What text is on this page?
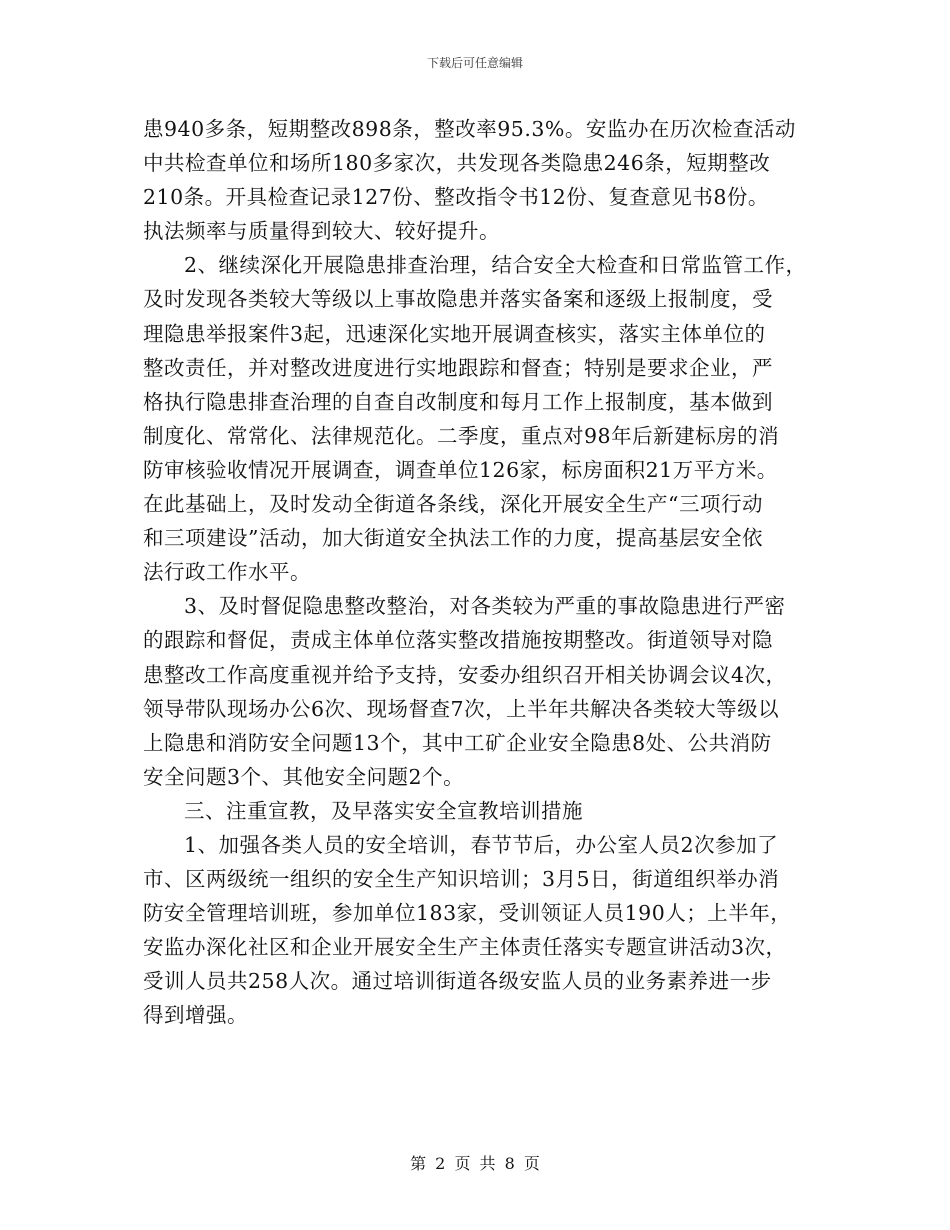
下载后可任意编辑
患940多条，短期整改898条，整改率95.3%。安监办在历次检查活动
中共检查单位和场所180多家次，共发现各类隐患246条，短期整改
210条。开具检查记录127份、整改指令书12份、复查意见书8份。
执法频率与质量得到较大、较好提升。
2、继续深化开展隐患排查治理，结合安全大检查和日常监管工作，
及时发现各类较大等级以上事故隐患并落实备案和逐级上报制度，受
理隐患举报案件3起，迅速深化实地开展调查核实，落实主体单位的
整改责任，并对整改进度进行实地跟踪和督查；特别是要求企业，严
格执行隐患排查治理的自查自改制度和每月工作上报制度，基本做到
制度化、常常化、法律规范化。二季度，重点对98年后新建标房的消
防审核验收情况开展调查，调查单位126家，标房面积21万平方米。
在此基础上，及时发动全街道各条线，深化开展安全生产“三项行动
和三项建设”活动，加大街道安全执法工作的力度，提高基层安全依
法行政工作水平。
3、及时督促隐患整改整治，对各类较为严重的事故隐患进行严密
的跟踪和督促，责成主体单位落实整改措施按期整改。街道领导对隐
患整改工作高度重视并给予支持，安委办组织召开相关协调会议4次，
领导带队现场办公6次、现场督查7次，上半年共解决各类较大等级以
上隐患和消防安全问题13个，其中工矿企业安全隐患8处、公共消防
安全问题3个、其他安全问题2个。
三、注重宣教，及早落实安全宣教培训措施
1、加强各类人员的安全培训，春节节后，办公室人员2次参加了
市、区两级统一组织的安全生产知识培训；3月5日，街道组织举办消
防安全管理培训班，参加单位183家，受训领证人员190人；上半年，
安监办深化社区和企业开展安全生产主体责任落实专题宣讲活动3次，
受训人员共258人次。通过培训街道各级安监人员的业务素养进一步
得到增强。
第 2 页 共 8 页
